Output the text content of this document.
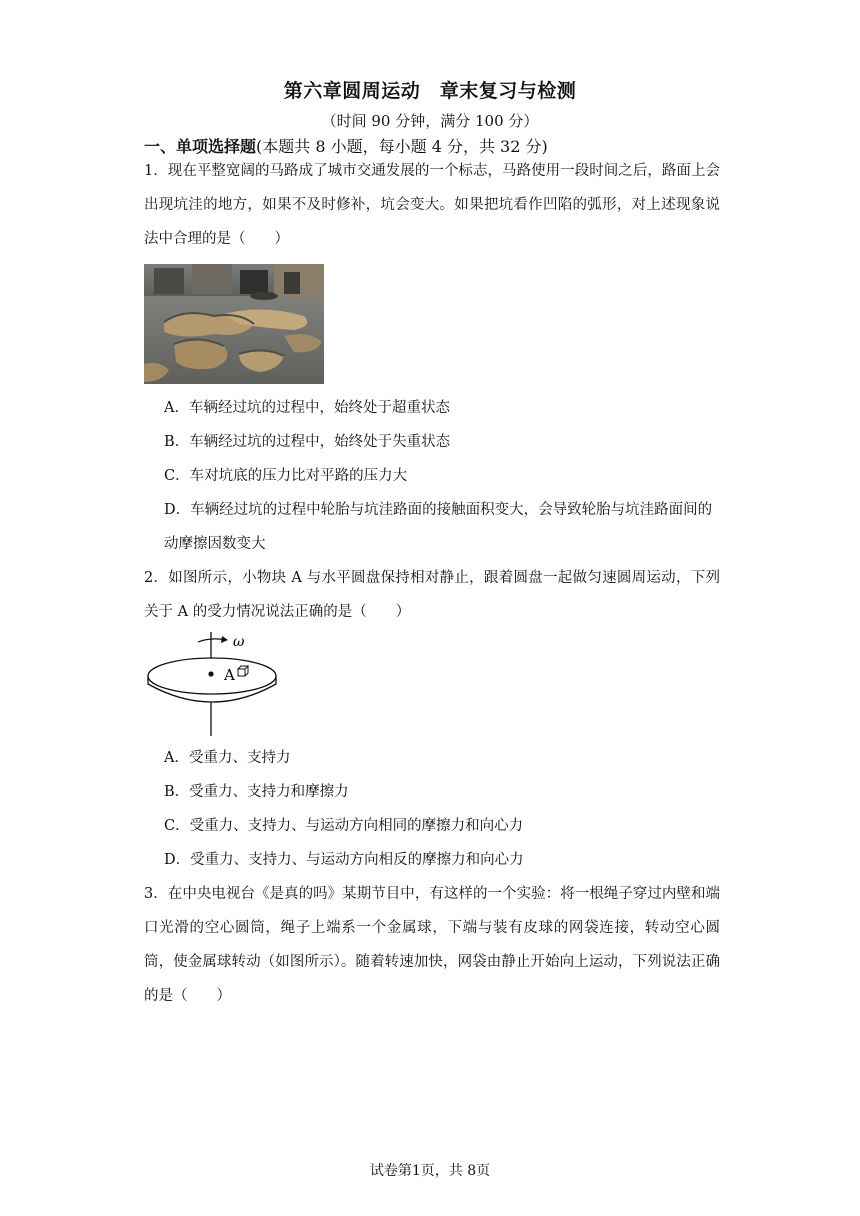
第六章圆周运动　章末复习与检测
（时间 90 分钟，满分 100 分）
一、单项选择题(本题共 8 小题，每小题 4 分，共 32 分)
1．现在平整宽阔的马路成了城市交通发展的一个标志，马路使用一段时间之后，路面上会出现坑洼的地方，如果不及时修补，坑会变大。如果把坑看作凹陷的弧形，对上述现象说法中合理的是（　　）
A．车辆经过坑的过程中，始终处于超重状态
B．车辆经过坑的过程中，始终处于失重状态
C．车对坑底的压力比对平路的压力大
D．车辆经过坑的过程中轮胎与坑洼路面的接触面积变大，会导致轮胎与坑洼路面间的动摩擦因数变大
2．如图所示，小物块 A 与水平圆盘保持相对静止，跟着圆盘一起做匀速圆周运动，下列关于 A 的受力情况说法正确的是（　　）
ω
A
A．受重力、支持力
B．受重力、支持力和摩擦力
C．受重力、支持力、与运动方向相同的摩擦力和向心力
D．受重力、支持力、与运动方向相反的摩擦力和向心力
3．在中央电视台《是真的吗》某期节目中，有这样的一个实验：将一根绳子穿过内壁和端口光滑的空心圆筒，绳子上端系一个金属球，下端与装有皮球的网袋连接，转动空心圆筒，使金属球转动（如图所示）。随着转速加快，网袋由静止开始向上运动，下列说法正确的是（　　）
试卷第1页，共 8页
